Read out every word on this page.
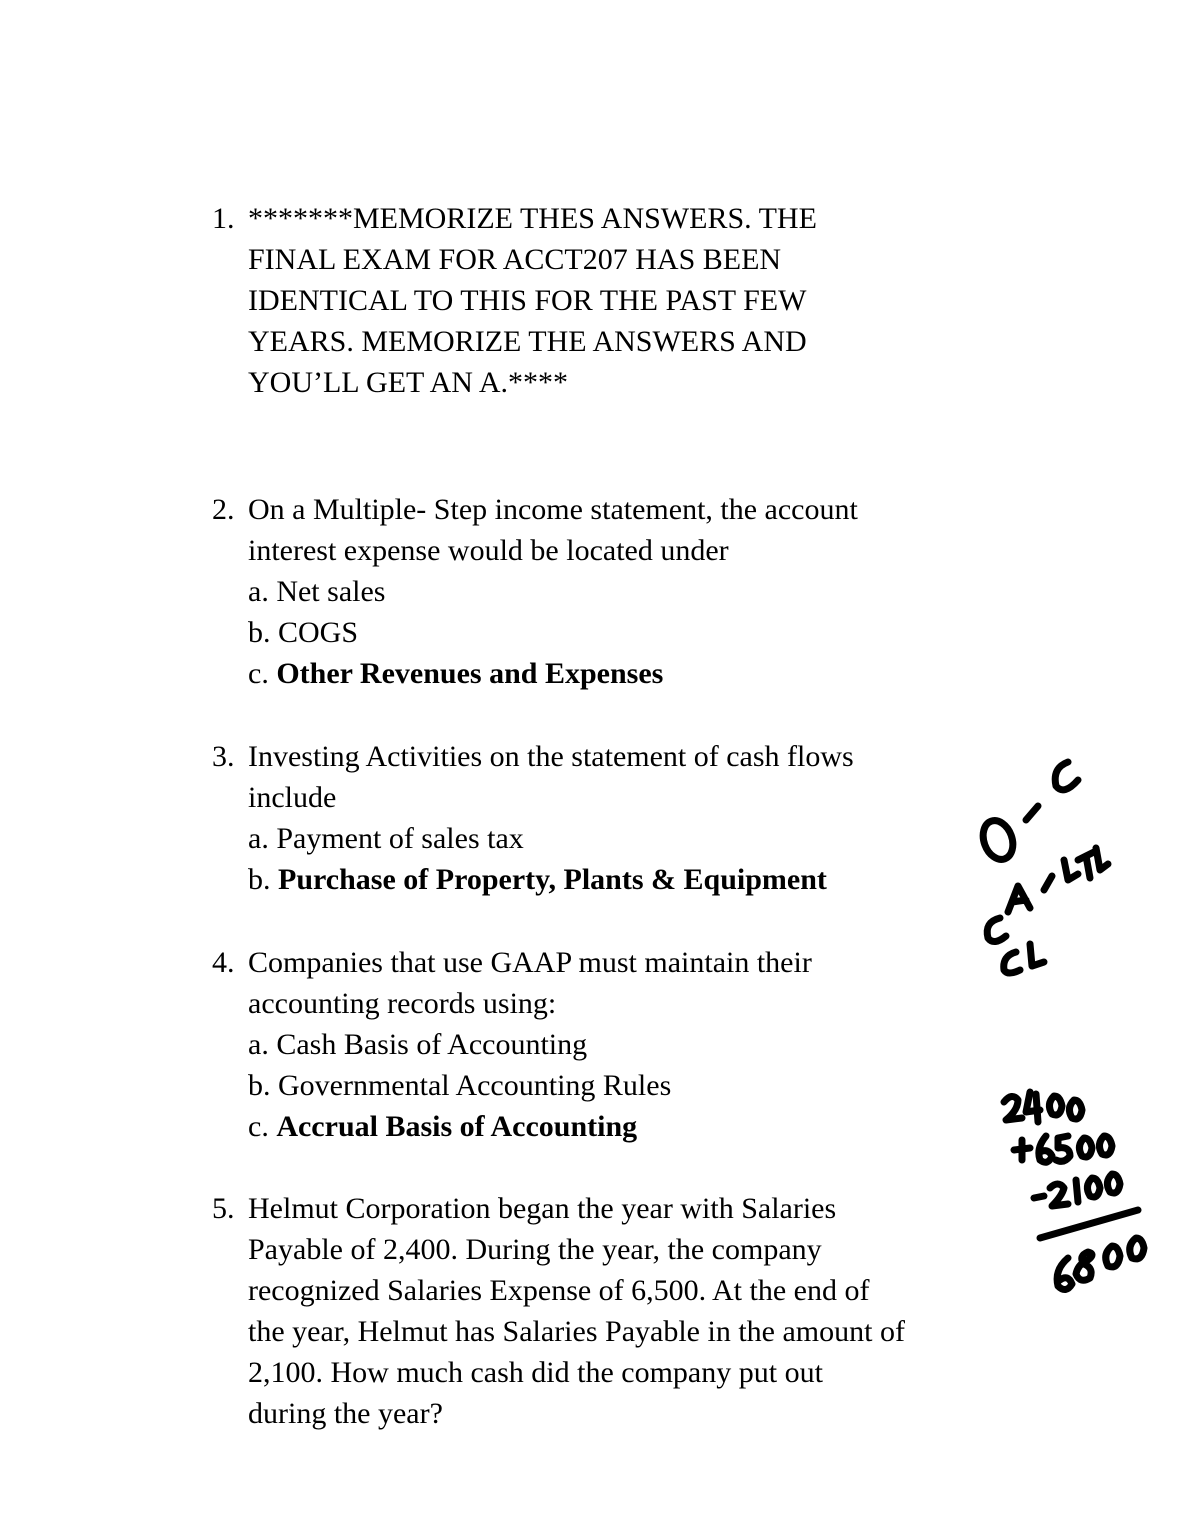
1. *******MEMORIZE THES ANSWERS. THE
FINAL EXAM FOR ACCT207 HAS BEEN
IDENTICAL TO THIS FOR THE PAST FEW
YEARS. MEMORIZE THE ANSWERS AND
YOU’LL GET AN A.****
2. On a Multiple- Step income statement, the account
interest expense would be located under
a. Net sales
b. COGS
c. Other Revenues and Expenses
3. Investing Activities on the statement of cash flows
include
a. Payment of sales tax
b. Purchase of Property, Plants & Equipment
4. Companies that use GAAP must maintain their
accounting records using:
a. Cash Basis of Accounting
b. Governmental Accounting Rules
c. Accrual Basis of Accounting
5. Helmut Corporation began the year with Salaries
Payable of 2,400. During the year, the company
recognized Salaries Expense of 6,500. At the end of
the year, Helmut has Salaries Payable in the amount of
2,100. How much cash did the company put out
during the year?
